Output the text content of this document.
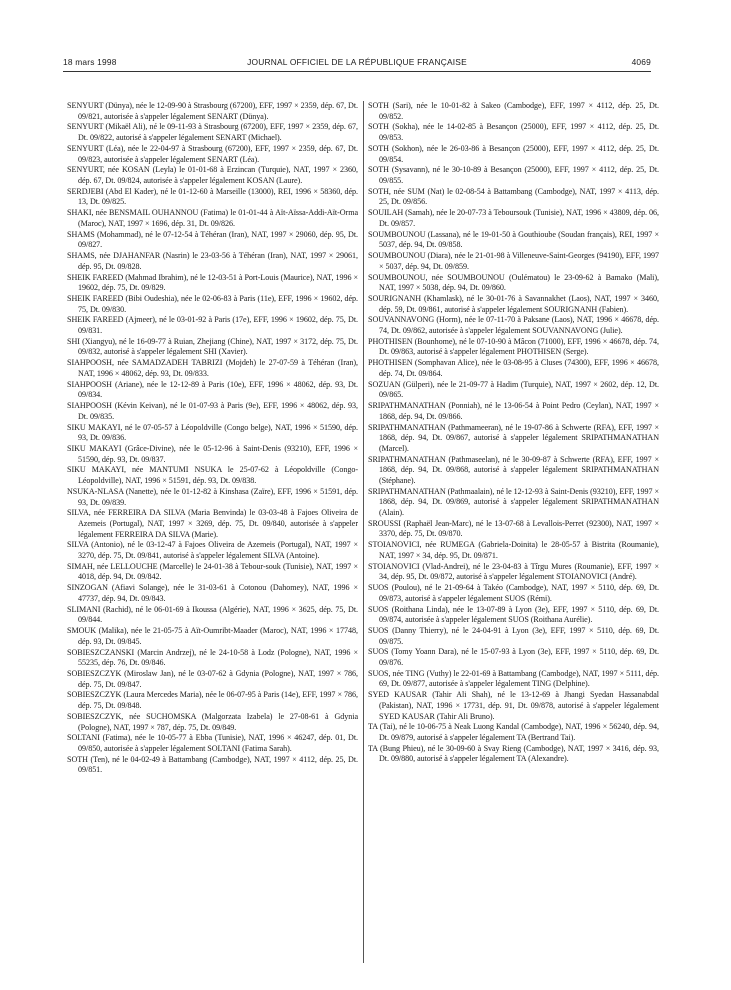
18 mars 1998	JOURNAL OFFICIEL DE LA RÉPUBLIQUE FRANÇAISE	4069

SENYURT (Dünya), née le 12-09-90 à Strasbourg (67200), EFF, 1997 × 2359, dép. 67, Dt. 09/821, autorisée à s'appeler légalement SENART (Dünya).

SENYURT (Mikaël Ali), né le 09-11-93 à Strasbourg (67200), EFF, 1997 × 2359, dép. 67, Dt. 09/822, autorisé à s'appeler légalement SENART (Michael).

SENYURT (Léa), née le 22-04-97 à Strasbourg (67200), EFF, 1997 × 2359, dép. 67, Dt. 09/823, autorisée à s'appeler légalement SENART (Léa).

SENYURT, née KOSAN (Leyla) le 01-01-68 à Erzincan (Turquie), NAT, 1997 × 2360, dép. 67, Dt. 09/824, autorisée à s'appeler légalement KOSAN (Laure).

SERDJEBI (Abd El Kader), né le 01-12-60 à Marseille (13000), REI, 1996 × 58360, dép. 13, Dt. 09/825.

SHAKI, née BENSMAIL OUHANNOU (Fatima) le 01-01-44 à Aït-Aïssa-Addi-Aït-Orma (Maroc), NAT, 1997 × 1696, dép. 31, Dt. 09/826.

SHAMS (Mohammad), né le 07-12-54 à Téhéran (Iran), NAT, 1997 × 29060, dép. 95, Dt. 09/827.

SHAMS, née DJAHANFAR (Nasrin) le 23-03-56 à Téhéran (Iran), NAT, 1997 × 29061, dép. 95, Dt. 09/828.

SHEIK FAREED (Mahmad Ibrahim), né le 12-03-51 à Port-Louis (Maurice), NAT, 1996 × 19602, dép. 75, Dt. 09/829.

SHEIK FAREED (Bibi Oudeshia), née le 02-06-83 à Paris (11e), EFF, 1996 × 19602, dép. 75, Dt. 09/830.

SHEIK FAREED (Ajmeer), né le 03-01-92 à Paris (17e), EFF, 1996 × 19602, dép. 75, Dt. 09/831.

SHI (Xiangyu), né le 16-09-77 à Ruian, Zhejiang (Chine), NAT, 1997 × 3172, dép. 75, Dt. 09/832, autorisé à s'appeler légalement SHI (Xavier).

SIAHPOOSH, née SAMADZADEH TABRIZI (Mojdeh) le 27-07-59 à Téhéran (Iran), NAT, 1996 × 48062, dép. 93, Dt. 09/833.

SIAHPOOSH (Ariane), née le 12-12-89 à Paris (10e), EFF, 1996 × 48062, dép. 93, Dt. 09/834.

SIAHPOOSH (Kévin Keivan), né le 01-07-93 à Paris (9e), EFF, 1996 × 48062, dép. 93, Dt. 09/835.

SIKU MAKAYI, né le 07-05-57 à Léopoldville (Congo belge), NAT, 1996 × 51590, dép. 93, Dt. 09/836.

SIKU MAKAYI (Grâce-Divine), née le 05-12-96 à Saint-Denis (93210), EFF, 1996 × 51590, dép. 93, Dt. 09/837.

SIKU MAKAYI, née MANTUMI NSUKA le 25-07-62 à Léopoldville (Congo-Léopoldville), NAT, 1996 × 51591, dép. 93, Dt. 09/838.

NSUKA-NLASA (Nanette), née le 01-12-82 à Kinshasa (Zaïre), EFF, 1996 × 51591, dép. 93, Dt. 09/839.

SILVA, née FERREIRA DA SILVA (Maria Benvinda) le 03-03-48 à Fajoes Oliveira de Azemeis (Portugal), NAT, 1997 × 3269, dép. 75, Dt. 09/840, autorisée à s'appeler légalement FERREIRA DA SILVA (Marie).

SILVA (Antonio), né le 03-12-47 à Fajoes Oliveira de Azemeis (Portugal), NAT, 1997 × 3270, dép. 75, Dt. 09/841, autorisé à s'appeler légalement SILVA (Antoine).

SIMAH, née LELLOUCHE (Marcelle) le 24-01-38 à Tebour-souk (Tunisie), NAT, 1997 × 4018, dép. 94, Dt. 09/842.

SINZOGAN (Afiavi Solange), née le 31-03-61 à Cotonou (Dahomey), NAT, 1996 × 47737, dép. 94, Dt. 09/843.

SLIMANI (Rachid), né le 06-01-69 à Ikoussa (Algérie), NAT, 1996 × 3625, dép. 75, Dt. 09/844.

SMOUK (Malika), née le 21-05-75 à Aït-Oumribt-Maader (Maroc), NAT, 1996 × 17748, dép. 93, Dt. 09/845.

SOBIESZCZANSKI (Marcin Andrzej), né le 24-10-58 à Lodz (Pologne), NAT, 1996 × 55235, dép. 76, Dt. 09/846.

SOBIESZCZYK (Miroslaw Jan), né le 03-07-62 à Gdynia (Pologne), NAT, 1997 × 786, dép. 75, Dt. 09/847.

SOBIESZCZYK (Laura Mercedes Maria), née le 06-07-95 à Paris (14e), EFF, 1997 × 786, dép. 75, Dt. 09/848.

SOBIESZCZYK, née SUCHOMSKA (Malgorzata Izabela) le 27-08-61 à Gdynia (Pologne), NAT, 1997 × 787, dép. 75, Dt. 09/849.

SOLTANI (Fatima), née le 10-05-77 à Ebba (Tunisie), NAT, 1996 × 46247, dép. 01, Dt. 09/850, autorisée à s'appeler légalement SOLTANI (Fatima Sarah).

SOTH (Ten), né le 04-02-49 à Battambang (Cambodge), NAT, 1997 × 4112, dép. 25, Dt. 09/851.

SOTH (Sari), née le 10-01-82 à Sakeo (Cambodge), EFF, 1997 × 4112, dép. 25, Dt. 09/852.

SOTH (Sokha), née le 14-02-85 à Besançon (25000), EFF, 1997 × 4112, dép. 25, Dt. 09/853.

SOTH (Sokhon), née le 26-03-86 à Besançon (25000), EFF, 1997 × 4112, dép. 25, Dt. 09/854.

SOTH (Sysavann), né le 30-10-89 à Besançon (25000), EFF, 1997 × 4112, dép. 25, Dt. 09/855.

SOTH, née SUM (Nat) le 02-08-54 à Battambang (Cambodge), NAT, 1997 × 4113, dép. 25, Dt. 09/856.

SOUILAH (Samah), née le 20-07-73 à Teboursouk (Tunisie), NAT, 1996 × 43809, dép. 06, Dt. 09/857.

SOUMBOUNOU (Lassana), né le 19-01-50 à Gouthioube (Soudan français), REI, 1997 × 5037, dép. 94, Dt. 09/858.

SOUMBOUNOU (Diara), née le 21-01-98 à Villeneuve-Saint-Georges (94190), EFF, 1997 × 5037, dép. 94, Dt. 09/859.

SOUMBOUNOU, née SOUMBOUNOU (Oulématou) le 23-09-62 à Bamako (Mali), NAT, 1997 × 5038, dép. 94, Dt. 09/860.

SOURIGNANH (Khamlask), né le 30-01-76 à Savannakhet (Laos), NAT, 1997 × 3460, dép. 59, Dt. 09/861, autorisé à s'appeler légalement SOURIGNANH (Fabien).

SOUVANNAVONG (Horm), née le 07-11-70 à Paksane (Laos), NAT, 1996 × 46678, dép. 74, Dt. 09/862, autorisée à s'appeler légalement SOUVANNAVONG (Julie).

PHOTHISEN (Bounhome), né le 07-10-90 à Mâcon (71000), EFF, 1996 × 46678, dép. 74, Dt. 09/863, autorisé à s'appeler légalement PHOTHISEN (Serge).

PHOTHISEN (Somphavan Alice), née le 03-08-95 à Cluses (74300), EFF, 1996 × 46678, dép. 74, Dt. 09/864.

SOZUAN (Gülperi), née le 21-09-77 à Hadim (Turquie), NAT, 1997 × 2602, dép. 12, Dt. 09/865.

SRIPATHMANATHAN (Ponniah), né le 13-06-54 à Point Pedro (Ceylan), NAT, 1997 × 1868, dép. 94, Dt. 09/866.

SRIPATHMANATHAN (Pathmameeran), né le 19-07-86 à Schwerte (RFA), EFF, 1997 × 1868, dép. 94, Dt. 09/867, autorisé à s'appeler légalement SRIPATHMANATHAN (Marcel).

SRIPATHMANATHAN (Pathmaseelan), né le 30-09-87 à Schwerte (RFA), EFF, 1997 × 1868, dép. 94, Dt. 09/868, autorisé à s'appeler légalement SRIPATHMANATHAN (Stéphane).

SRIPATHMANATHAN (Pathmaalain), né le 12-12-93 à Saint-Denis (93210), EFF, 1997 × 1868, dép. 94, Dt. 09/869, autorisé à s'appeler légalement SRIPATHMANATHAN (Alain).

SROUSSI (Raphaël Jean-Marc), né le 13-07-68 à Levallois-Perret (92300), NAT, 1997 × 3370, dép. 75, Dt. 09/870.

STOIANOVICI, née RUMEGA (Gabriela-Doinita) le 28-05-57 à Bistrita (Roumanie), NAT, 1997 × 34, dép. 95, Dt. 09/871.

STOIANOVICI (Vlad-Andrei), né le 23-04-83 à Tîrgu Mures (Roumanie), EFF, 1997 × 34, dép. 95, Dt. 09/872, autorisé à s'appeler légalement STOIANOVICI (André).

SUOS (Poulou), né le 21-09-64 à Takéo (Cambodge), NAT, 1997 × 5110, dép. 69, Dt. 09/873, autorisé à s'appeler légalement SUOS (Rémi).

SUOS (Roithana Linda), née le 13-07-89 à Lyon (3e), EFF, 1997 × 5110, dép. 69, Dt. 09/874, autorisée à s'appeler légalement SUOS (Roithana Aurélie).

SUOS (Danny Thierry), né le 24-04-91 à Lyon (3e), EFF, 1997 × 5110, dép. 69, Dt. 09/875.

SUOS (Tomy Yoann Dara), né le 15-07-93 à Lyon (3e), EFF, 1997 × 5110, dép. 69, Dt. 09/876.

SUOS, née TING (Vuthy) le 22-01-69 à Battambang (Cambodge), NAT, 1997 × 5111, dép. 69, Dt. 09/877, autorisée à s'appeler légalement TING (Delphine).

SYED KAUSAR (Tahir Ali Shah), né le 13-12-69 à Jhangi Syedan Hassanabdal (Pakistan), NAT, 1996 × 17731, dép. 91, Dt. 09/878, autorisé à s'appeler légalement SYED KAUSAR (Tahir Ali Bruno).

TA (Tai), né le 10-06-75 à Neak Luong Kandal (Cambodge), NAT, 1996 × 56240, dép. 94, Dt. 09/879, autorisé à s'appeler légalement TA (Bertrand Tai).

TA (Bung Phieu), né le 30-09-60 à Svay Rieng (Cambodge), NAT, 1997 × 3416, dép. 93, Dt. 09/880, autorisé à s'appeler légalement TA (Alexandre).
